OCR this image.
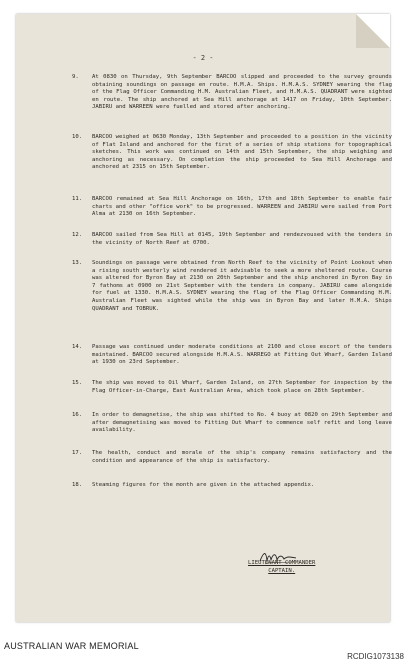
- 2 -
9. At 0830 on Thursday, 9th September BARCOO slipped and proceeded to the survey grounds obtaining soundings on passage en route. H.M.A. Ships. H.M.A.S. SYDNEY wearing the flag of the Flag Officer Commanding H.M. Australian Fleet, and H.M.A.S. QUADRANT were sighted en route. The ship anchored at Sea Hill anchorage at 1417 on Friday, 10th September. JABIRU and WARREEN were fuelled and stored after anchoring.
10. BARCOO weighed at 0630 Monday, 13th September and proceeded to a position in the vicinity of Flat Island and anchored for the first of a series of ship stations for topographical sketches. This work was continued on 14th and 15th September, the ship weighing and anchoring as necessary. On completion the ship proceeded to Sea Hill Anchorage and anchored at 2315 on 15th September.
11. BARCOO remained at Sea Hill Anchorage on 16th, 17th and 18th September to enable fair charts and other "office work" to be progressed. WARREEN and JABIRU were sailed from Port Alma at 2130 on 16th September.
12. BARCOO sailed from Sea Hill at 0145, 19th September and rendezvoused with the tenders in the vicinity of North Reef at 0700.
13. Soundings on passage were obtained from North Reef to the vicinity of Point Lookout when a rising south westerly wind rendered it advisable to seek a more sheltered route. Course was altered for Byron Bay at 2130 on 20th September and the ship anchored in Byron Bay in 7 fathoms at 0900 on 21st September with the tenders in company. JABIRU came alongside for fuel at 1330. H.M.A.S. SYDNEY wearing the flag of the Flag Officer Commanding H.M. Australian Fleet was sighted while the ship was in Byron Bay and later H.M.A. Ships QUADRANT and TOBRUK.
14. Passage was continued under moderate conditions at 2100 and close escort of the tenders maintained. BARCOO secured alongside H.M.A.S. WARREGO at Fitting Out Wharf, Garden Island at 1930 on 23rd September.
15. The ship was moved to Oil Wharf, Garden Island, on 27th September for inspection by the Flag Officer-in-Charge, East Australian Area, which took place on 28th September.
16. In order to demagnetise, the ship was shifted to No. 4 buoy at 0820 on 29th September and after demagnetising was moved to Fitting Out Wharf to commence self refit and long leave availability.
17. The health, conduct and morale of the ship's company remains satisfactory and the condition and appearance of the ship is satisfactory.
18. Steaming figures for the month are given in the attached appendix.
LIEUTENANT COMMANDER
CAPTAIN.
AUSTRALIAN WAR MEMORIAL
RCDIG1073138
